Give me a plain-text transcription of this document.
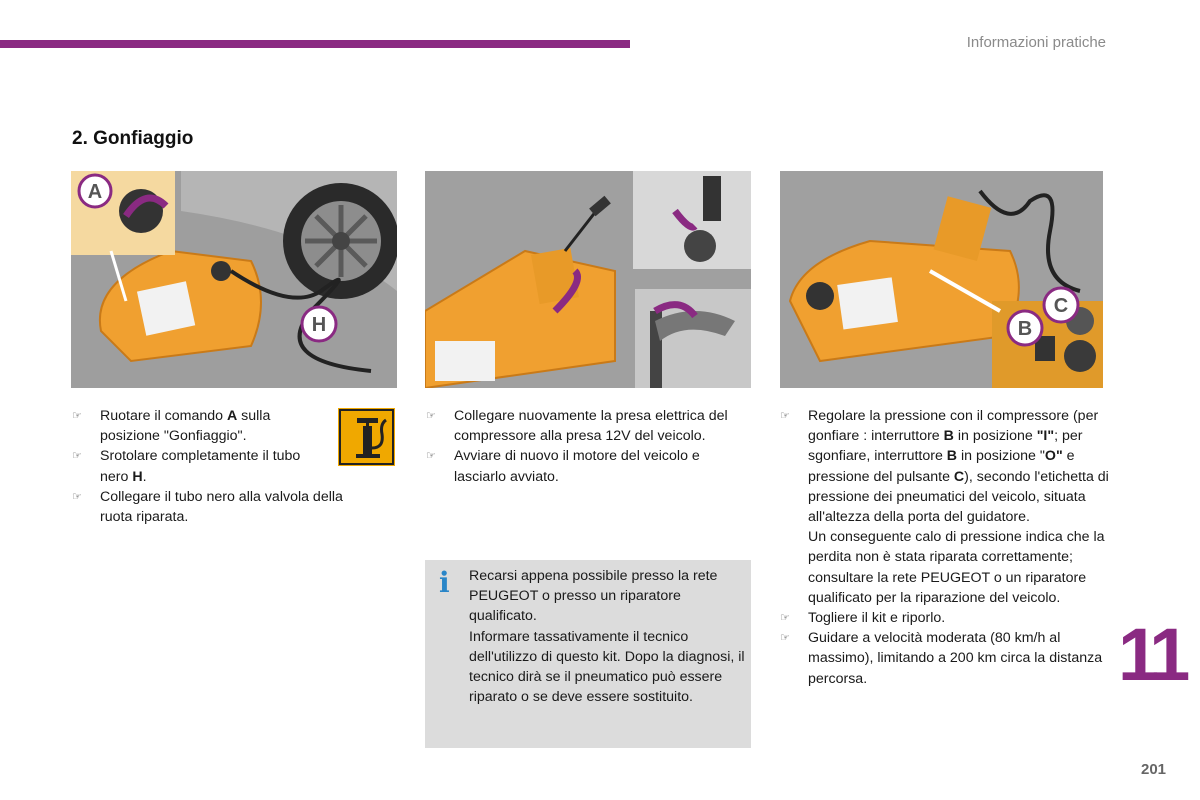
Informazioni pratiche
2. Gonfiaggio
A
H	B
C
☞ Ruotare il comando A sulla posizione "Gonfiaggio".
☞ Srotolare completamente il tubo nero H.
☞ Collegare il tubo nero alla valvola della ruota riparata.
☞ Collegare nuovamente la presa elettrica del compressore alla presa 12V del veicolo.
☞ Avviare di nuovo il motore del veicolo e lasciarlo avviato.
i Recarsi appena possibile presso la rete PEUGEOT o presso un riparatore qualificato.
Informare tassativamente il tecnico dell'utilizzo di questo kit. Dopo la diagnosi, il tecnico dirà se il pneumatico può essere riparato o se deve essere sostituito.
☞ Regolare la pressione con il compressore (per gonfiare : interruttore B in posizione "I"; per sgonfiare, interruttore B in posizione "O" e pressione del pulsante C), secondo l'etichetta di pressione dei pneumatici del veicolo, situata all'altezza della porta del guidatore.

Un conseguente calo di pressione indica che la perdita non è stata riparata correttamente; consultare la rete PEUGEOT o un riparatore qualificato per la riparazione del veicolo.

☞ Togliere il kit e riporlo.
☞ Guidare a velocità moderata (80 km/h al massimo), limitando a 200 km circa la distanza percorsa.	11
201
